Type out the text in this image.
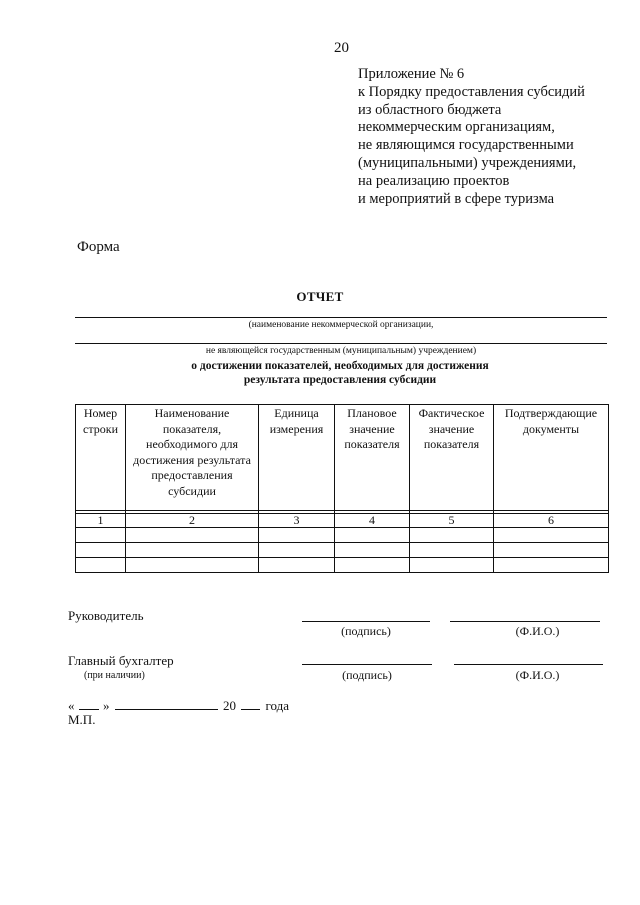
20
Приложение № 6
к Порядку предоставления субсидий
из областного бюджета
некоммерческим организациям,
не являющимся государственными
(муниципальными) учреждениями,
на реализацию проектов
и мероприятий в сфере туризма
Форма
ОТЧЕТ
(наименование некоммерческой организации,
не являющейся государственным (муниципальным) учреждением)
о достижении показателей, необходимых для достижения
результата предоставления субсидии
Номер строки	Наименование показателя, необходимого для достижения результата предоставления субсидии	Единица измерения	Плановое значение показателя	Фактическое значение показателя	Подтверждающие документы

1	2	3	4	5	6

Руководитель
(подпись)	(Ф.И.О.)
Главный бухгалтер
(при наличии)	(подпись)	(Ф.И.О.)
« »	20 года
М.П.
